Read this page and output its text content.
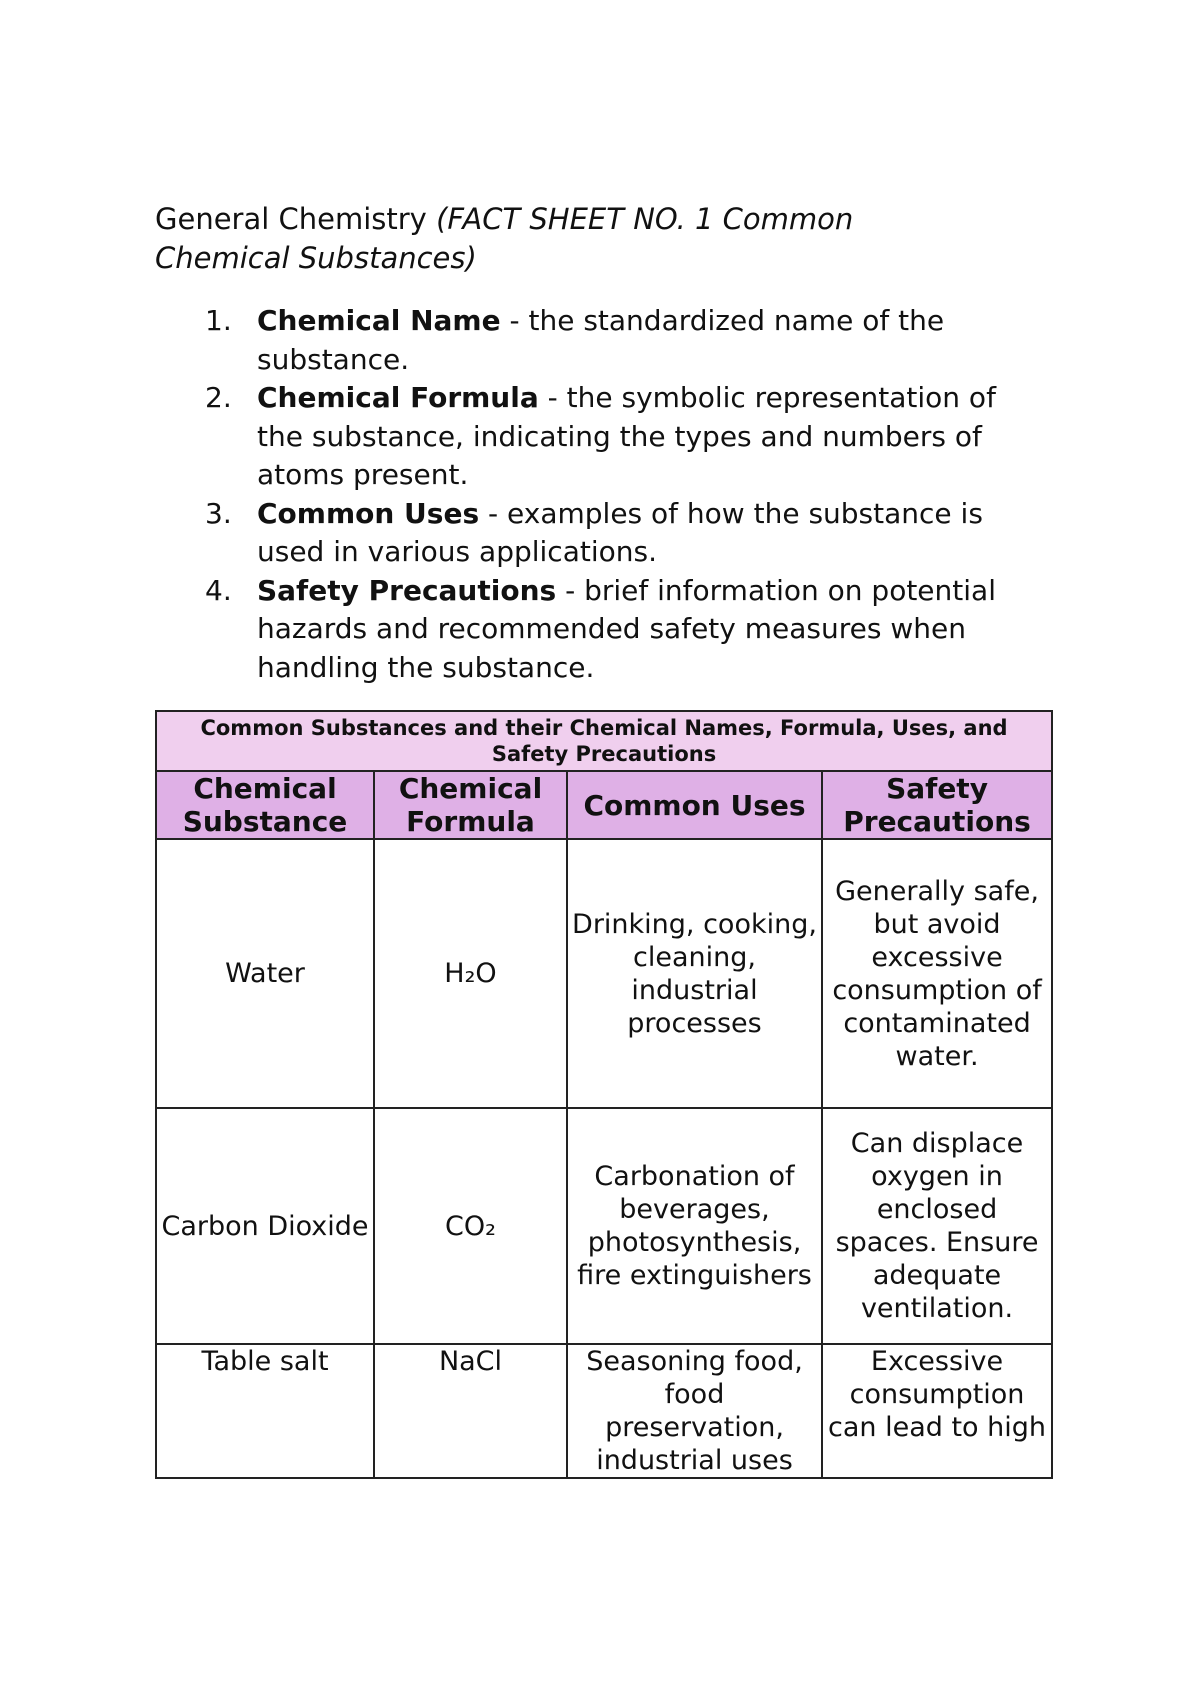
General Chemistry (FACT SHEET NO. 1 Common Chemical Substances)
1. Chemical Name - the standardized name of the substance.
2. Chemical Formula - the symbolic representation of the substance, indicating the types and numbers of atoms present.
3. Common Uses - examples of how the substance is used in various applications.
4. Safety Precautions - brief information on potential hazards and recommended safety measures when handling the substance.
Common Substances and their Chemical Names, Formula, Uses, and Safety Precautions			
Chemical Substance	Chemical Formula	Common Uses	Safety Precautions
Water	H₂O	Drinking, cooking, cleaning, industrial processes	Generally safe, but avoid excessive consumption of contaminated water.
Carbon Dioxide	CO₂	Carbonation of beverages, photosynthesis, fire extinguishers	Can displace oxygen in enclosed spaces. Ensure adequate ventilation.
Table salt	NaCl	Seasoning food, food preservation, industrial uses	Excessive consumption can lead to high
